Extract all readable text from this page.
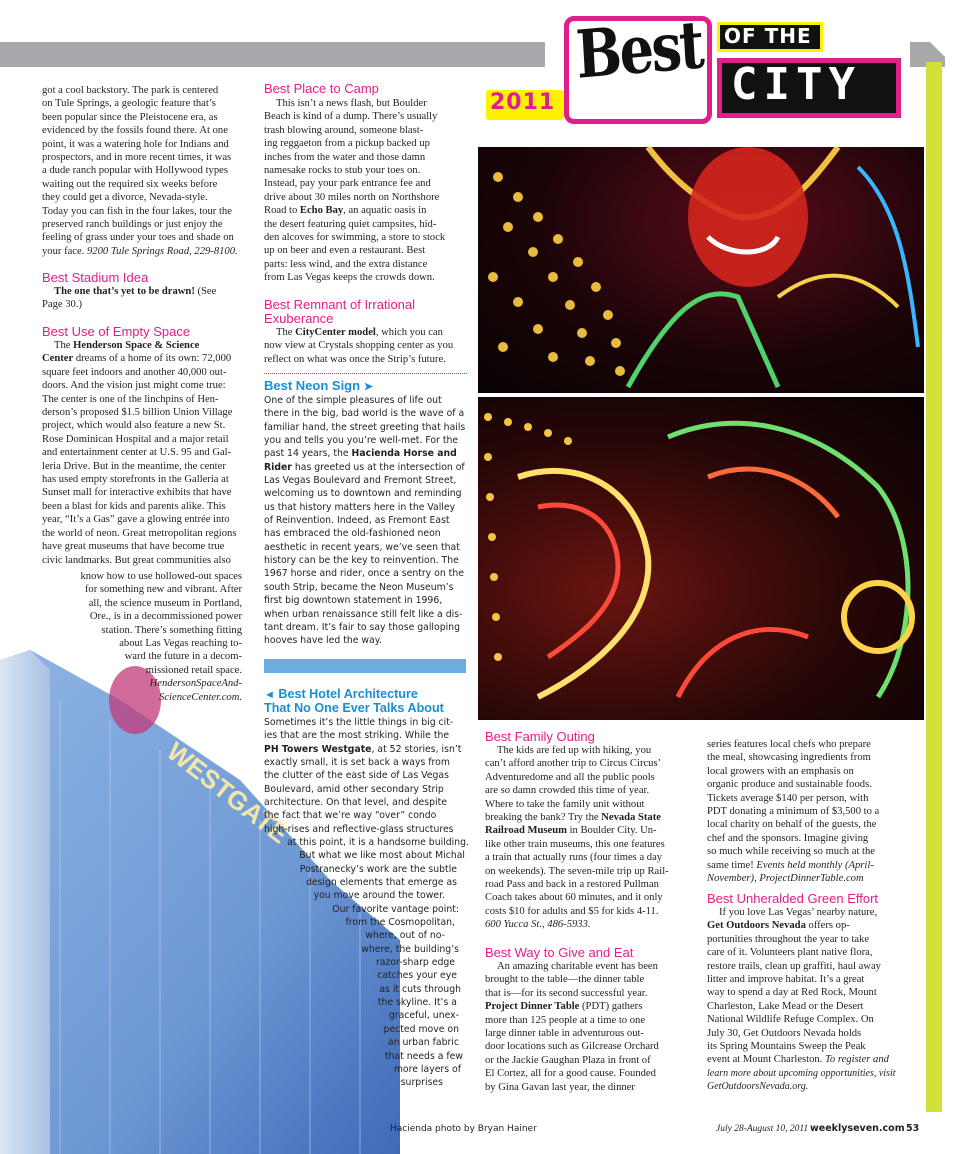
2011
Best OF THE
CITY
WESTGATE
got a cool backstory. The park is centered
on Tule Springs, a geologic feature that’s
been popular since the Pleistocene era, as
evidenced by the fossils found there. At one
point, it was a watering hole for Indians and
prospectors, and in more recent times, it was
a dude ranch popular with Hollywood types
waiting out the required six weeks before
they could get a divorce, Nevada-style.
Today you can fish in the four lakes, tour the
preserved ranch buildings or just enjoy the
feeling of grass under your toes and shade on
your face. 9200 Tule Springs Road, 229-8100.
Best Stadium Idea
The one that’s yet to be drawn! (See
Page 30.)
Best Use of Empty Space
The Henderson Space & Science
Center dreams of a home of its own: 72,000
square feet indoors and another 40,000 out-
doors. And the vision just might come true:
The center is one of the linchpins of Hen-
derson’s proposed $1.5 billion Union Village
project, which would also feature a new St.
Rose Dominican Hospital and a major retail
and entertainment center at U.S. 95 and Gal-
leria Drive. But in the meantime, the center
has used empty storefronts in the Galleria at
Sunset mall for interactive exhibits that have
been a blast for kids and parents alike. This
year, “It’s a Gas” gave a glowing entrée into
the world of neon. Great metropolitan regions
have great museums that have become true
civic landmarks. But great communities also
know how to use hollowed-out spaces
for something new and vibrant. After
all, the science museum in Portland,
Ore., is in a decommissioned power
station. There’s something fitting
about Las Vegas reaching to-
ward the future in a decom-
missioned retail space.
HendersonSpaceAnd-
ScienceCenter.com.
Best Place to Camp
This isn’t a news flash, but Boulder
Beach is kind of a dump. There’s usually
trash blowing around, someone blast-
ing reggaeton from a pickup backed up
inches from the water and those damn
namesake rocks to stub your toes on.
Instead, pay your park entrance fee and
drive about 30 miles north on Northshore
Road to Echo Bay, an aquatic oasis in
the desert featuring quiet campsites, hid-
den alcoves for swimming, a store to stock
up on beer and even a restaurant. Best
parts: less wind, and the extra distance
from Las Vegas keeps the crowds down.
Best Remnant of Irrational
Exuberance
The CityCenter model, which you can
now view at Crystals shopping center as you
reflect on what was once the Strip’s future.
Best Neon Sign ➤
One of the simple pleasures of life out
there in the big, bad world is the wave of a
familiar hand, the street greeting that hails
you and tells you you’re well-met. For the
past 14 years, the Hacienda Horse and
Rider has greeted us at the intersection of
Las Vegas Boulevard and Fremont Street,
welcoming us to downtown and reminding
us that history matters here in the Valley
of Reinvention. Indeed, as Fremont East
has embraced the old-fashioned neon
aesthetic in recent years, we’ve seen that
history can be the key to reinvention. The
1967 horse and rider, once a sentry on the
south Strip, became the Neon Museum’s
first big downtown statement in 1996,
when urban renaissance still felt like a dis-
tant dream. It’s fair to say those galloping
hooves have led the way.
◄ Best Hotel Architecture
That No One Ever Talks About
Sometimes it’s the little things in big cit-
ies that are the most striking. While the
PH Towers Westgate, at 52 stories, isn’t
exactly small, it is set back a ways from
the clutter of the east side of Las Vegas
Boulevard, amid other secondary Strip
architecture. On that level, and despite
the fact that we’re way “over” condo
high-rises and reflective-glass structures
at this point, it is a handsome building.
But what we like most about Michal
Postranecky’s work are the subtle
design elements that emerge as
you move around the tower.
Our favorite vantage point:
from the Cosmopolitan,
where, out of no-
where, the building’s
razor-sharp edge
catches your eye
as it cuts through
the skyline. It’s a
graceful, unex-
pected move on
an urban fabric
that needs a few
more layers of
surprises
Best Family Outing
The kids are fed up with hiking, you
can’t afford another trip to Circus Circus’
Adventuredome and all the public pools
are so damn crowded this time of year.
Where to take the family unit without
breaking the bank? Try the Nevada State
Railroad Museum in Boulder City. Un-
like other train museums, this one features
a train that actually runs (four times a day
on weekends). The seven-mile trip up Rail-
road Pass and back in a restored Pullman
Coach takes about 60 minutes, and it only
costs $10 for adults and $5 for kids 4-11.
600 Yucca St., 486-5933.
Best Way to Give and Eat
An amazing charitable event has been
brought to the table—the dinner table
that is—for its second successful year.
Project Dinner Table (PDT) gathers
more than 125 people at a time to one
large dinner table in adventurous out-
door locations such as Gilcrease Orchard
or the Jackie Gaughan Plaza in front of
El Cortez, all for a good cause. Founded
by Gina Gavan last year, the dinner
series features local chefs who prepare
the meal, showcasing ingredients from
local growers with an emphasis on
organic produce and sustainable foods.
Tickets average $140 per person, with
PDT donating a minimum of $3,500 to a
local charity on behalf of the guests, the
chef and the sponsors. Imagine giving
so much while receiving so much at the
same time! Events held monthly (April-
November), ProjectDinnerTable.com
Best Unheralded Green Effort
If you love Las Vegas’ nearby nature,
Get Outdoors Nevada offers op-
portunities throughout the year to take
care of it. Volunteers plant native flora,
restore trails, clean up graffiti, haul away
litter and improve habitat. It’s a great
way to spend a day at Red Rock, Mount
Charleston, Lake Mead or the Desert
National Wildlife Refuge Complex. On
July 30, Get Outdoors Nevada holds
its Spring Mountains Sweep the Peak
event at Mount Charleston. To register and
learn more about upcoming opportunities, visit
GetOutdoorsNevada.org.
Hacienda photo by Bryan Hainer	July 28-August 10, 2011 weeklyseven.com 53
